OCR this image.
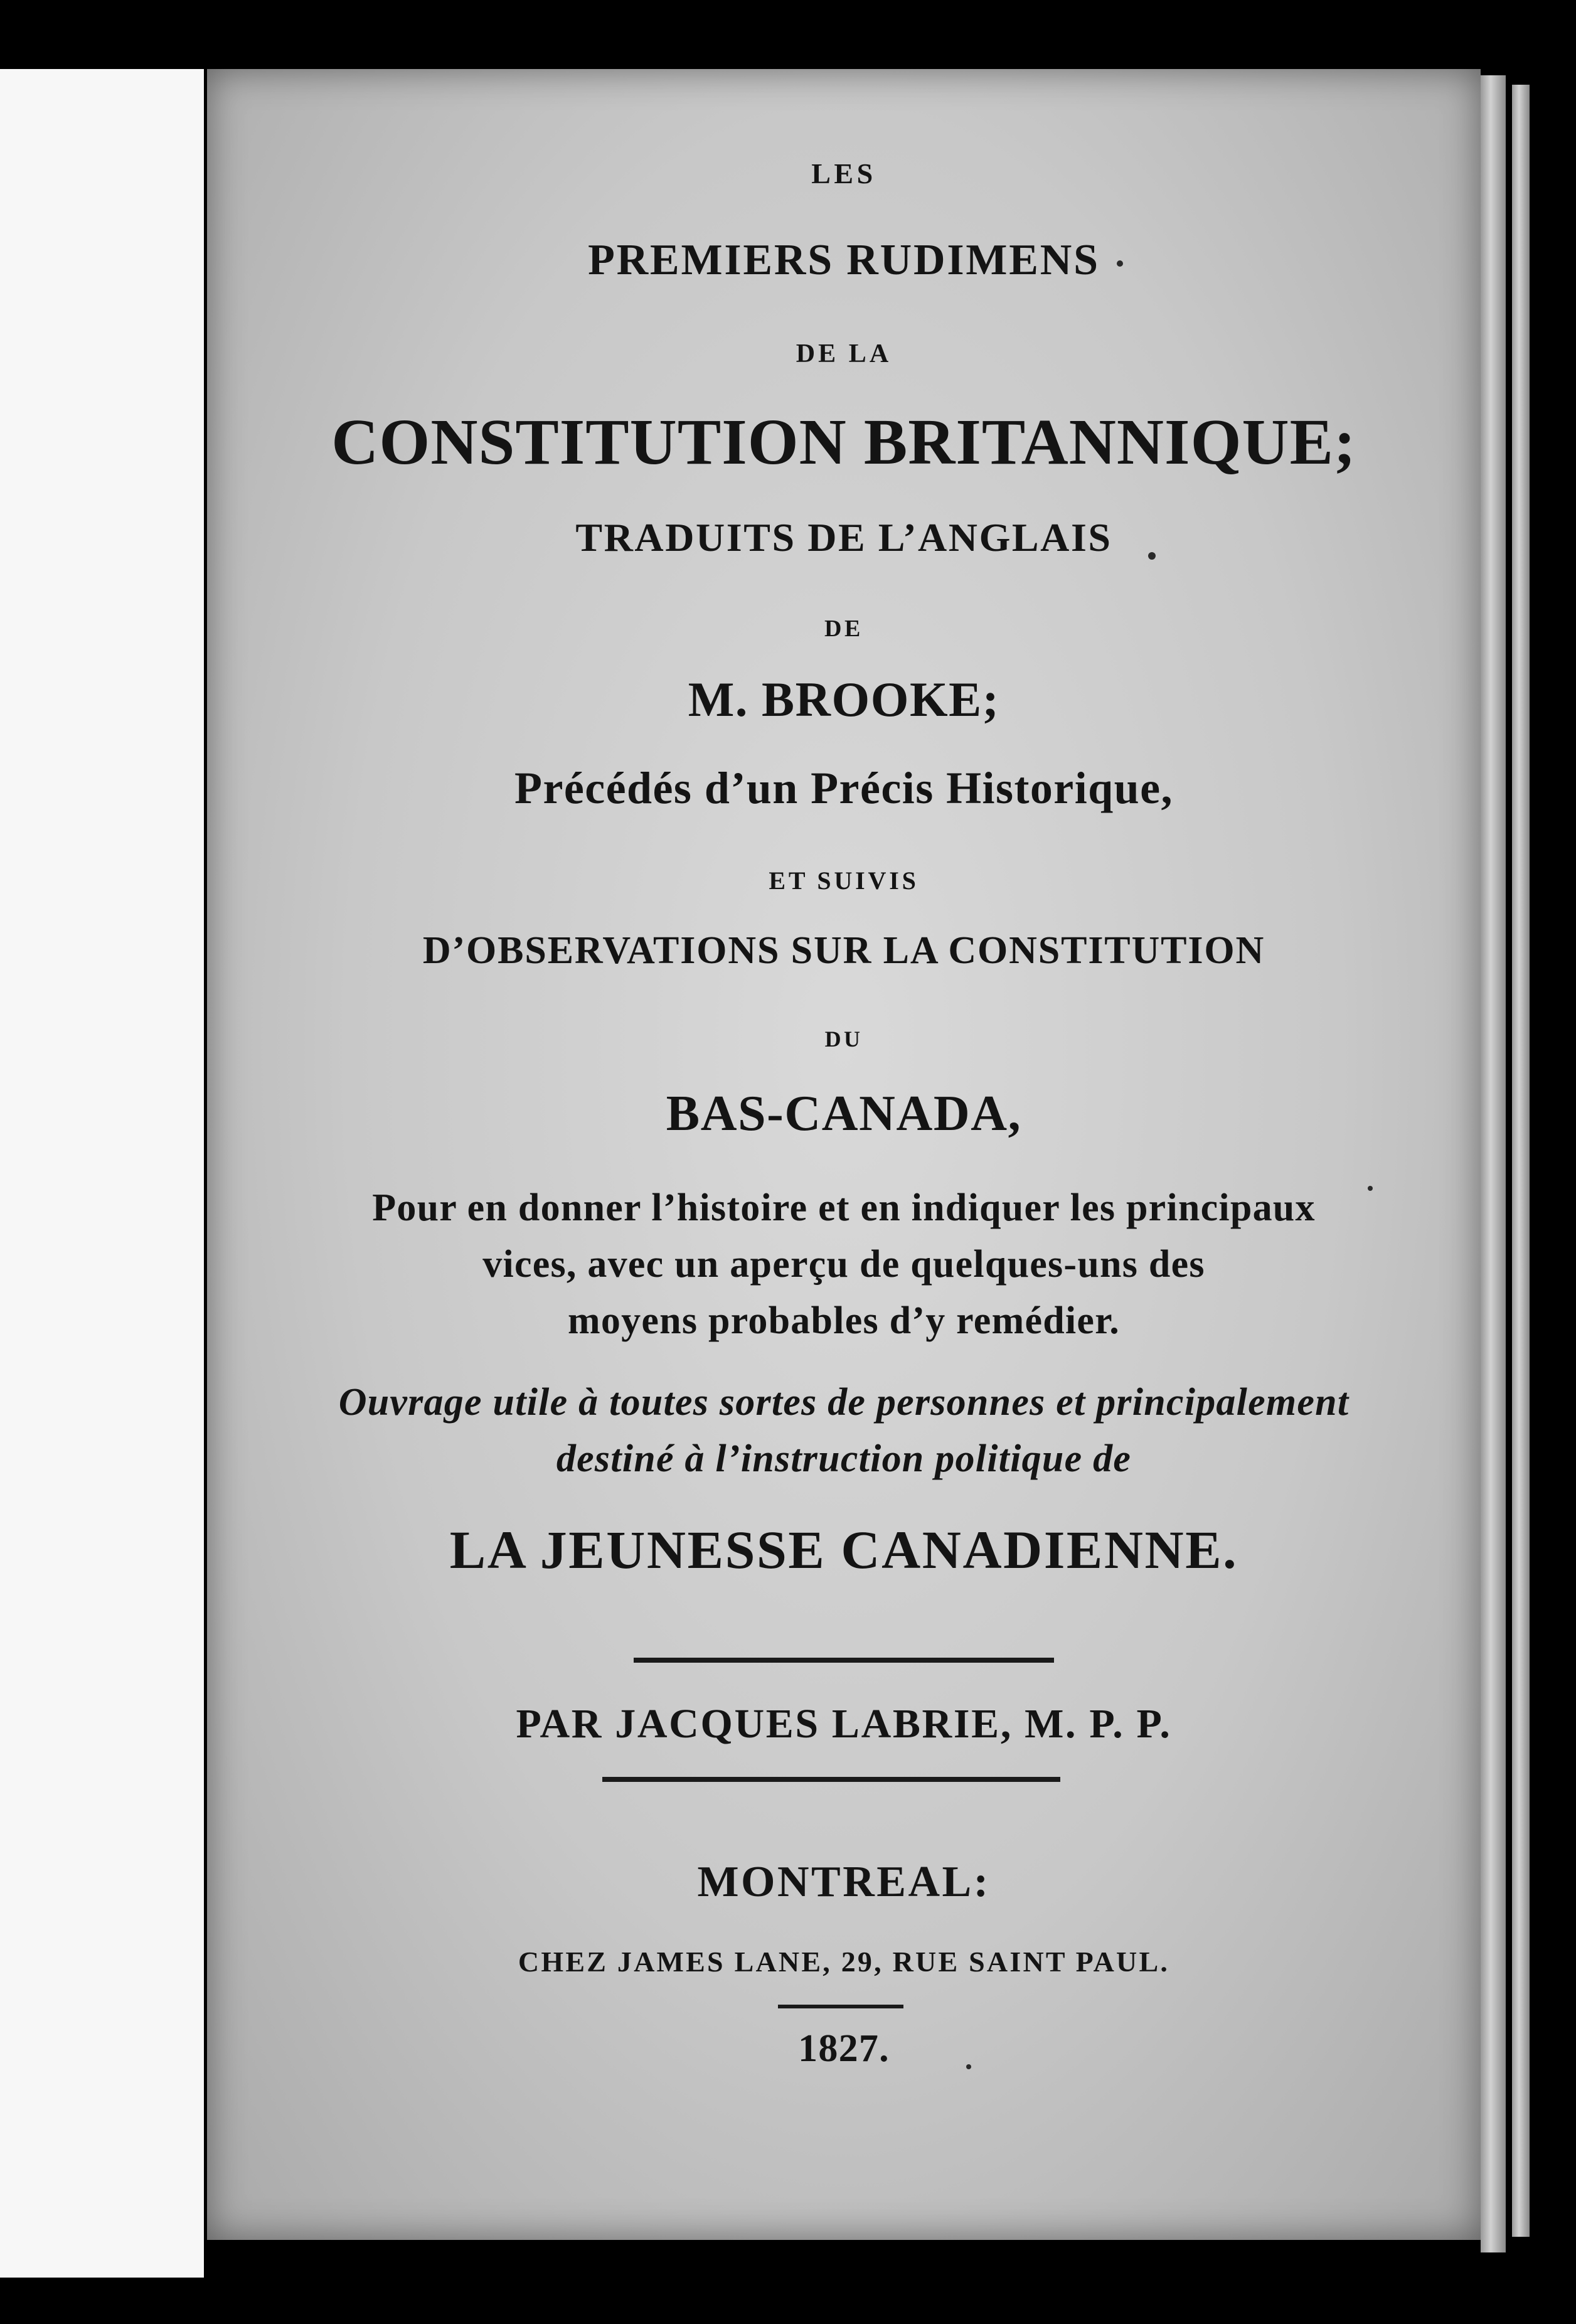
LES

PREMIERS RUDIMENS

DE LA

CONSTITUTION BRITANNIQUE;

TRADUITS DE L’ANGLAIS

DE

M. BROOKE;

Précédés d’un Précis Historique,

ET SUIVIS

D’OBSERVATIONS SUR LA CONSTITUTION

DU

BAS-CANADA,

Pour en donner l’histoire et en indiquer les principaux

vices, avec un aperçu de quelques-uns des

moyens probables d’y remédier.

Ouvrage utile à toutes sortes de personnes et principalement

destiné à l’instruction politique de

LA JEUNESSE CANADIENNE.

PAR JACQUES LABRIE, M. P. P.

MONTREAL:

CHEZ JAMES LANE, 29, RUE SAINT PAUL.

1827.
